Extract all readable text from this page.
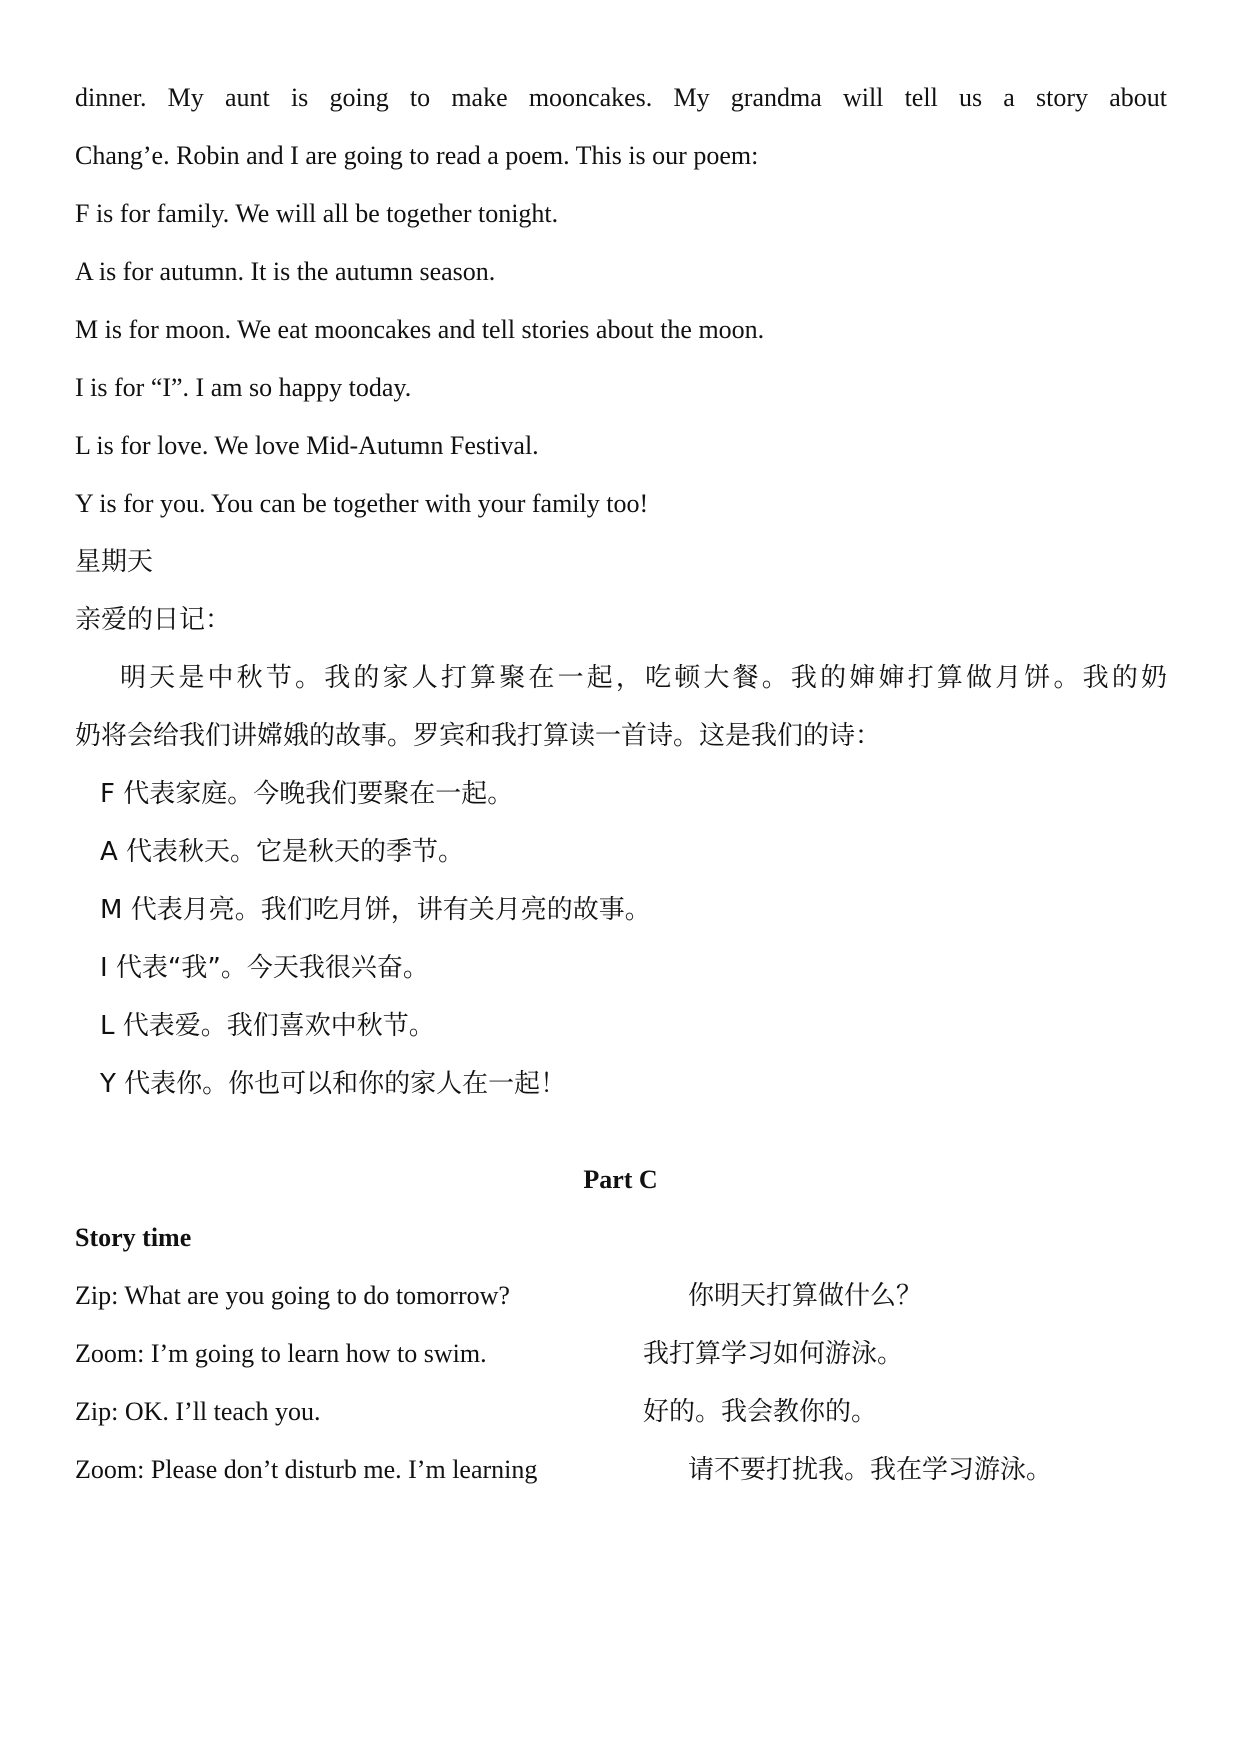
dinner. My aunt is going to make mooncakes. My grandma will tell us a story about
Chang’e. Robin and I are going to read a poem. This is our poem:
F is for family. We will all be together tonight.
A is for autumn. It is the autumn season.
M is for moon. We eat mooncakes and tell stories about the moon.
I is for “I”. I am so happy today.
L is for love. We love Mid-Autumn Festival.
Y is for you. You can be together with your family too!
星期天
亲爱的日记：
明天是中秋节。我的家人打算聚在一起，吃顿大餐。我的婶婶打算做月饼。我的奶
奶将会给我们讲嫦娥的故事。罗宾和我打算读一首诗。这是我们的诗：
F 代表家庭。今晚我们要聚在一起。
A 代表秋天。它是秋天的季节。
M 代表月亮。我们吃月饼，讲有关月亮的故事。
I 代表“我”。今天我很兴奋。
L 代表爱。我们喜欢中秋节。
Y 代表你。你也可以和你的家人在一起！
Part C
Story time
Zip: What are you going to do tomorrow?	你明天打算做什么？
Zoom: I’m going to learn how to swim.	我打算学习如何游泳。
Zip: OK. I’ll teach you.	好的。我会教你的。
Zoom: Please don’t disturb me. I’m learning	请不要打扰我。我在学习游泳。
